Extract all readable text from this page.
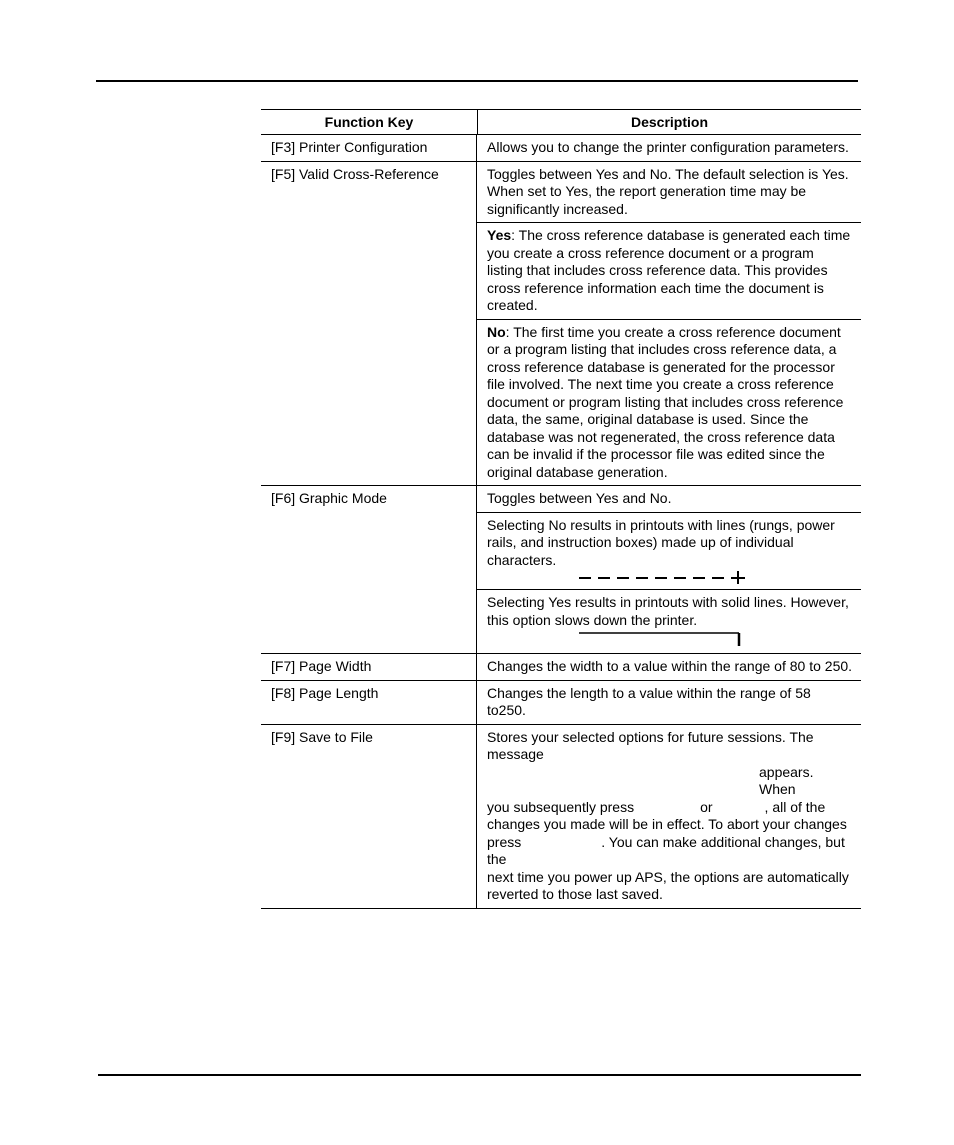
Function Key	Description
[F3] Printer Configuration	Allows you to change the printer configuration parameters.
[F5] Valid Cross-Reference	Toggles between Yes and No. The default selection is Yes. When set to Yes, the report generation time may be significantly increased.
Yes: The cross reference database is generated each time you create a cross reference document or a program listing that includes cross reference data. This provides cross reference information each time the document is created.
No: The first time you create a cross reference document or a program listing that includes cross reference data, a cross reference database is generated for the processor file involved. The next time you create a cross reference document or program listing that includes cross reference data, the same, original database is used. Since the database was not regenerated, the cross reference data can be invalid if the processor file was edited since the original database generation.
[F6] Graphic Mode	Toggles between Yes and No.
Selecting No results in printouts with lines (rungs, power rails, and instruction boxes) made up of individual characters.
Selecting Yes results in printouts with solid lines. However, this option slows down the printer.
[F7] Page Width	Changes the width to a value within the range of 80 to 250.
[F8] Page Length	Changes the length to a value within the range of 58 to250.
[F9] Save to File	Stores your selected options for future sessions. The message
appears. When
you subsequently press	or	, all of the
changes you made will be in effect. To abort your changes
press	. You can make additional changes, but the
next time you power up APS, the options are automatically
reverted to those last saved.
